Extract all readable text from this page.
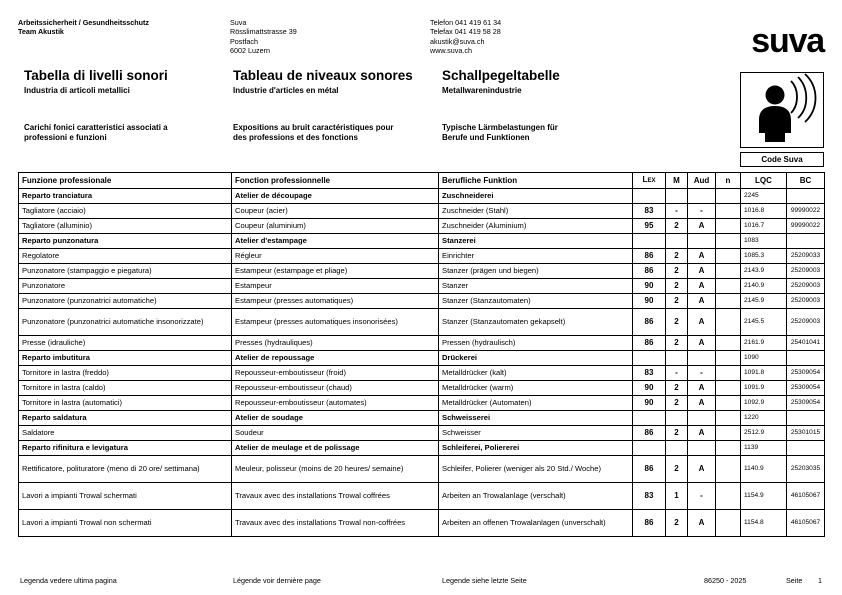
Arbeitssicherheit / Gesundheitsschutz
Team Akustik
Suva
Rösslimattstrasse 39
Postfach
6002 Luzern
Telefon 041 419 61 34
Telefax 041 419 58 28
akustik@suva.ch
www.suva.ch	suva
Tabella di livelli sonori
Industria di articoli metallici
Tableau de niveaux sonores
Industrie d'articles en métal
Schallpegeltabelle
Metallwarenindustrie
Carichi fonici caratteristici associati a
professioni e funzioni
Expositions au bruit caractéristiques pour
des professions et des fonctions
Typische Lärmbelastungen für
Berufe und Funktionen
Code Suva
Funzione professionale	Fonction professionnelle	Berufliche Funktion	LEX	M	Aud	n	LQC	BC
Reparto tranciatura	Atelier de découpage	Zuschneiderei					2245	
Tagliatore (acciaio)	Coupeur (acier)	Zuschneider (Stahl)	83	-	-		1016.8	99990022
Tagliatore (alluminio)	Coupeur (aluminium)	Zuschneider (Aluminium)	95	2	A		1016.7	99990022
Reparto punzonatura	Atelier d'estampage	Stanzerei					1083	
Regolatore	Régleur	Einrichter	86	2	A		1085.3	25209033
Punzonatore (stampaggio e piegatura)	Estampeur (estampage et pliage)	Stanzer (prägen und biegen)	86	2	A		2143.9	25209003
Punzonatore	Estampeur	Stanzer	90	2	A		2140.9	25209003
Punzonatore (punzonatrici automatiche)	Estampeur (presses automatiques)	Stanzer (Stanzautomaten)	90	2	A		2145.9	25209003
Punzonatore (punzonatrici automatiche insonorizzate)	Estampeur (presses automatiques insonorisées)	Stanzer (Stanzautomaten gekapselt)	86	2	A		2145.5	25209003
Presse (idrauliche)	Presses (hydrauliques)	Pressen (hydraulisch)	86	2	A		2161.9	25401041
Reparto imbutitura	Atelier de repoussage	Drückerei					1090	
Tornitore in lastra (freddo)	Repousseur-emboutisseur (froid)	Metalldrücker (kalt)	83	-	-		1091.8	25309054
Tornitore in lastra (caldo)	Repousseur-emboutisseur (chaud)	Metalldrücker (warm)	90	2	A		1091.9	25309054
Tornitore in lastra (automatici)	Repousseur-emboutisseur (automates)	Metalldrücker (Automaten)	90	2	A		1092.9	25309054
Reparto saldatura	Atelier de soudage	Schweisserei					1220	
Saldatore	Soudeur	Schweisser	86	2	A		2512.9	25301015
Reparto rifinitura e levigatura	Atelier de meulage et de polissage	Schleiferei, Poliererei					1139	
Rettificatore, polituratore (meno di 20 ore/ settimana)	Meuleur, polisseur (moins de 20 heures/ semaine)	Schleifer, Polierer (weniger als 20 Std./ Woche)	86	2	A		1140.9	25203035
Lavori a impianti Trowal schermati	Travaux avec des installations Trowal coffrées	Arbeiten an Trowalanlage (verschalt)	83	1	-		1154.9	46105067
Lavori a impianti Trowal non schermati	Travaux avec des installations Trowal non-coffrées	Arbeiten an offenen Trowalanlagen (unverschalt)	86	2	A		1154.8	46105067
Legenda vedere ultima pagina	Légende voir dernière page	Legende siehe letzte Seite	86250 - 2025	Seite 1
